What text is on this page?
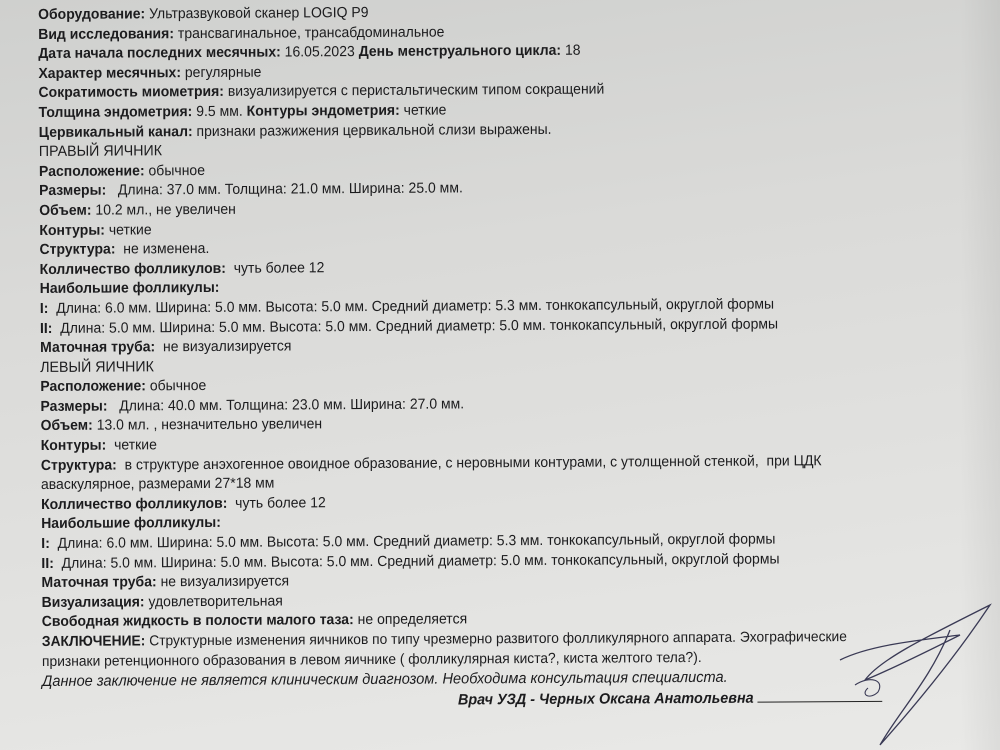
Оборудование: Ультразвуковой сканер LOGIQ P9
Вид исследования: трансвагинальное, трансабдоминальное
Дата начала последних месячных: 16.05.2023 День менструального цикла: 18
Характер месячных: регулярные
Сократимость миометрия: визуализируется с перистальтическим типом сокращений
Толщина эндометрия: 9.5 мм. Контуры эндометрия: четкие
Цервикальный канал: признаки разжижения цервикальной слизи выражены.
ПРАВЫЙ ЯИЧНИК
Расположение: обычное
Размеры:   Длина: 37.0 мм. Толщина: 21.0 мм. Ширина: 25.0 мм.
Объем: 10.2 мл., не увеличен
Контуры: четкие
Структура:  не изменена.
Колличество фолликулов:  чуть более 12
Наибольшие фолликулы:
I:  Длина: 6.0 мм. Ширина: 5.0 мм. Высота: 5.0 мм. Средний диаметр: 5.3 мм. тонкокапсульный, округлой формы
II:  Длина: 5.0 мм. Ширина: 5.0 мм. Высота: 5.0 мм. Средний диаметр: 5.0 мм. тонкокапсульный, округлой формы
Маточная труба:  не визуализируется
ЛЕВЫЙ ЯИЧНИК
Расположение: обычное
Размеры:   Длина: 40.0 мм. Толщина: 23.0 мм. Ширина: 27.0 мм.
Объем: 13.0 мл. , незначительно увеличен
Контуры:  четкие
Структура:  в структуре анэхогенное овоидное образование, с неровными контурами, с утолщенной стенкой,  при ЦДК
аваскулярное, размерами 27*18 мм
Колличество фолликулов:  чуть более 12
Наибольшие фолликулы:
I:  Длина: 6.0 мм. Ширина: 5.0 мм. Высота: 5.0 мм. Средний диаметр: 5.3 мм. тонкокапсульный, округлой формы
II:  Длина: 5.0 мм. Ширина: 5.0 мм. Высота: 5.0 мм. Средний диаметр: 5.0 мм. тонкокапсульный, округлой формы
Маточная труба: не визуализируется
Визуализация: удовлетворительная
Свободная жидкость в полости малого таза: не определяется
ЗАКЛЮЧЕНИЕ: Структурные изменения яичников по типу чрезмерно развитого фолликулярного аппарата. Эхографические
признаки ретенционного образования в левом яичнике ( фолликулярная киста?, киста желтого тела?).
Данное заключение не является клиническим диагнозом. Необходима консультация специалиста.
Врач УЗД - Черных Оксана Анатольевна
